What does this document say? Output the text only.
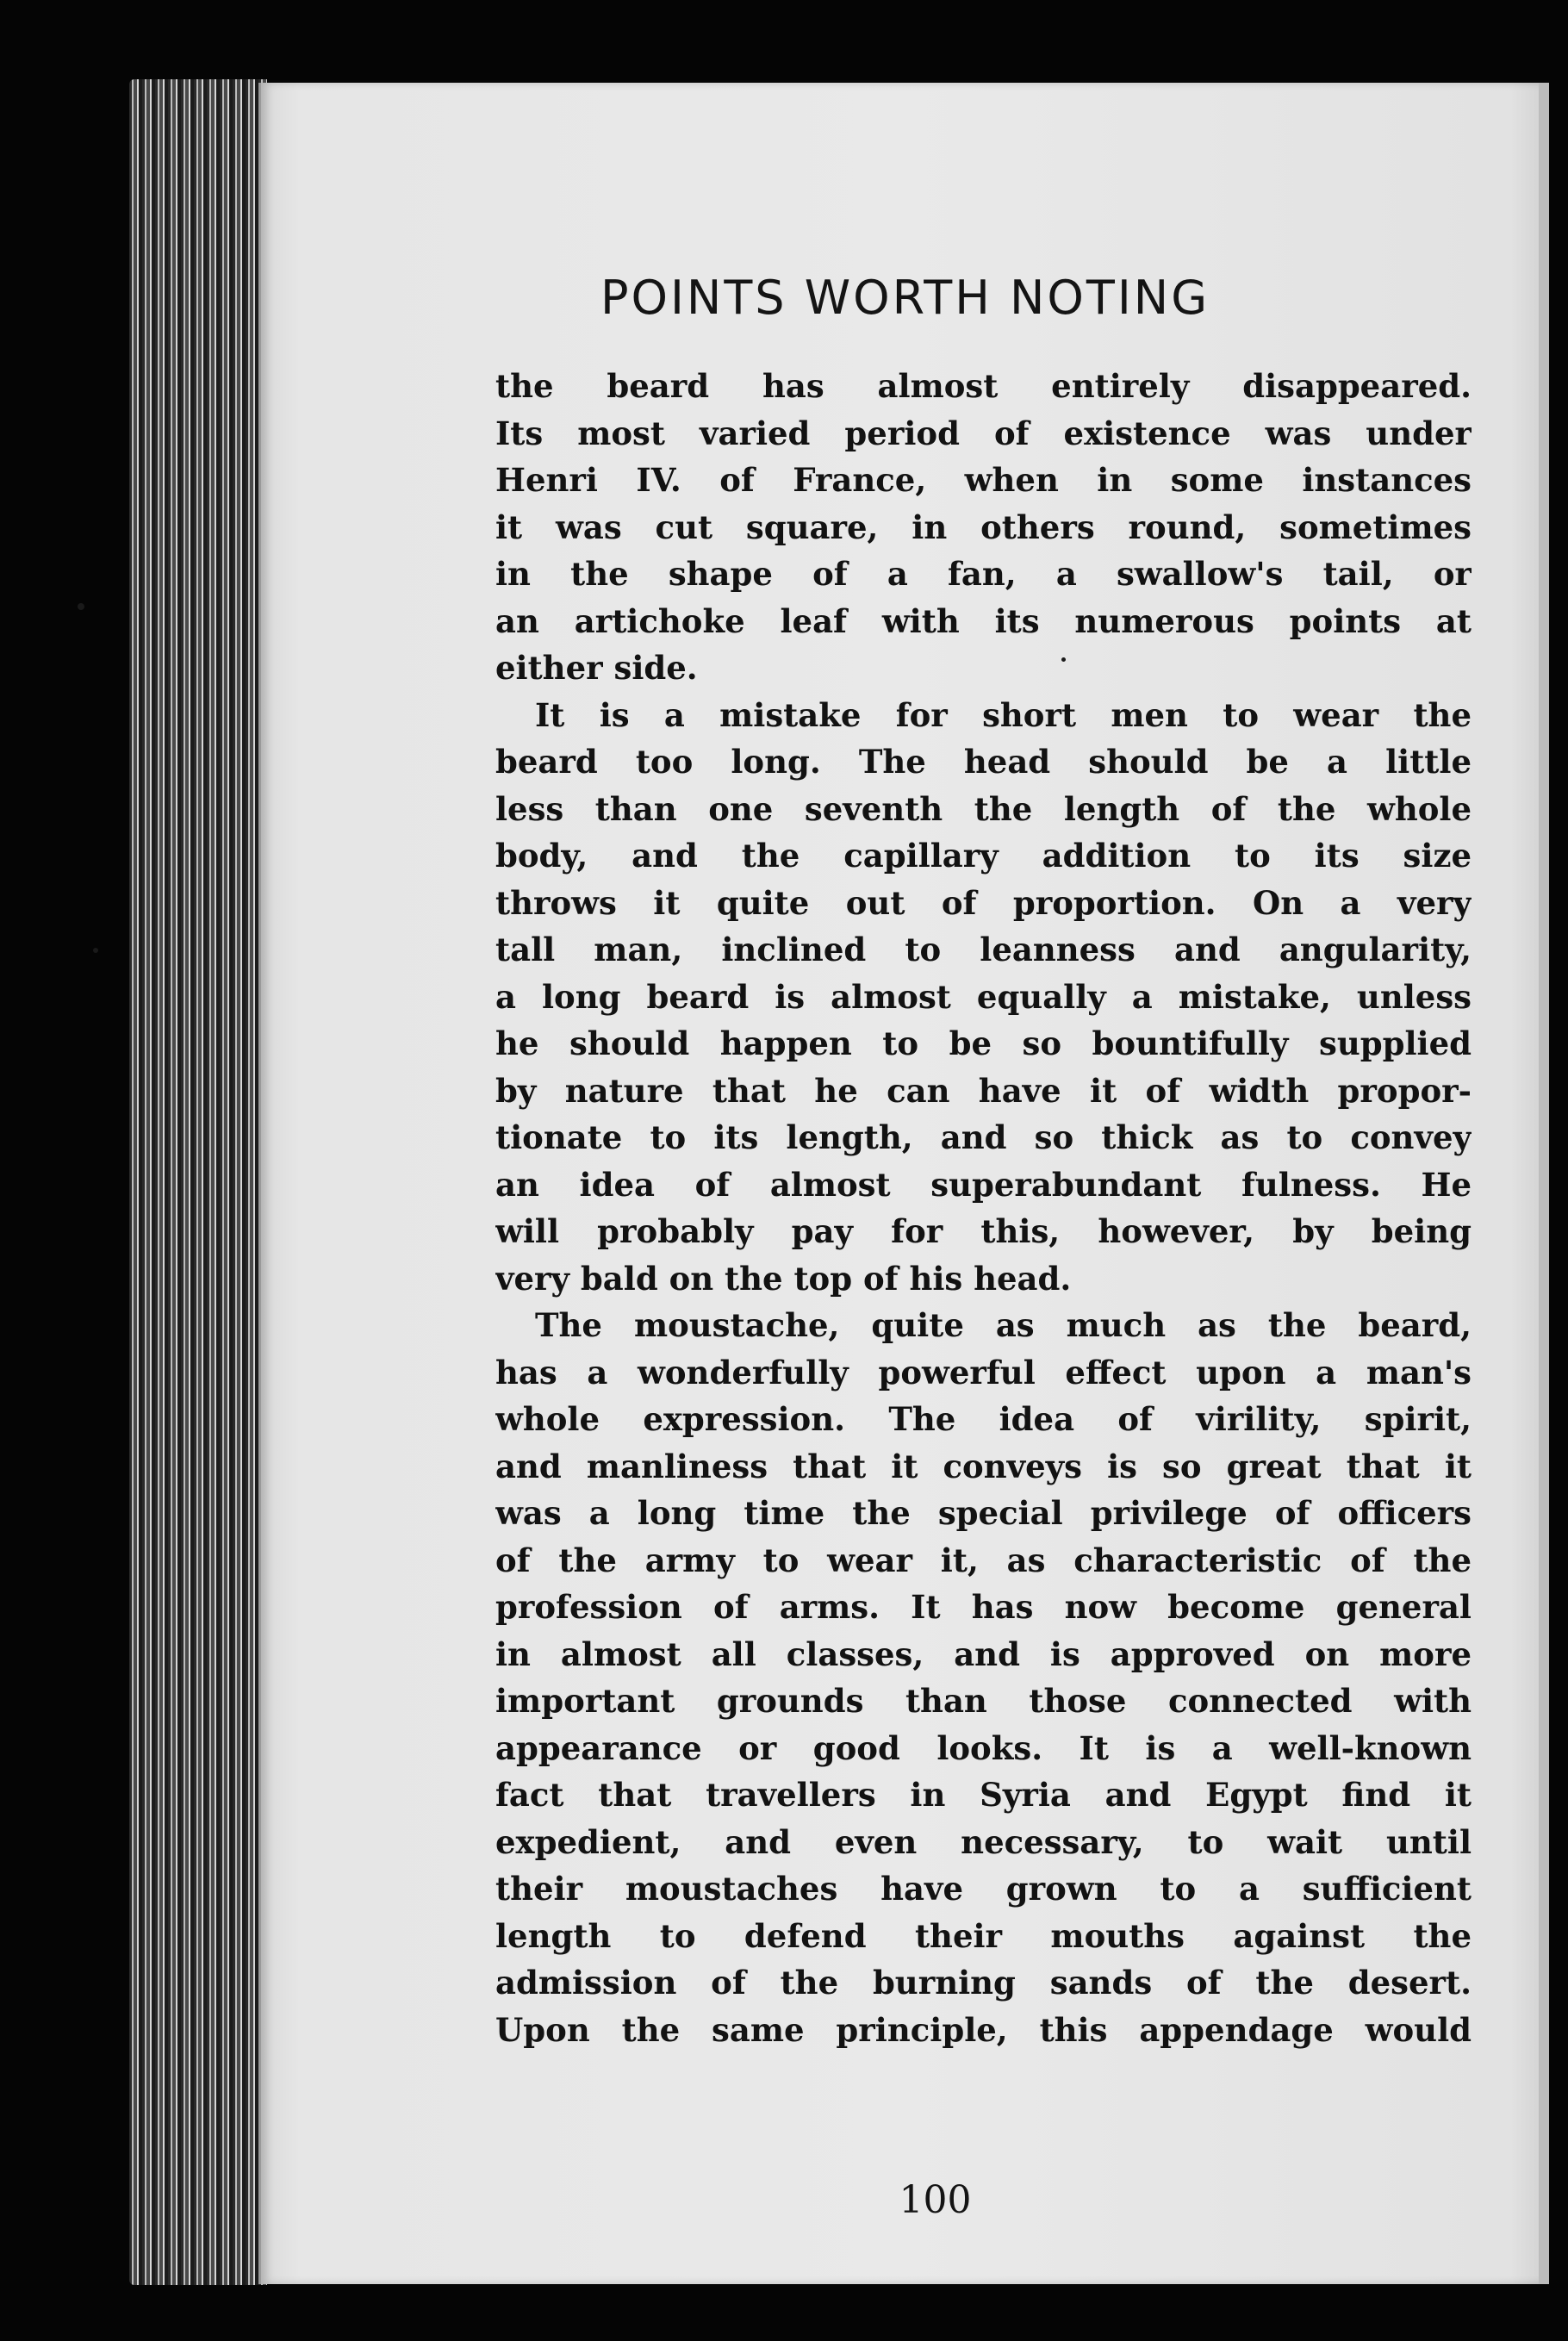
POINTS WORTH NOTING
the beard has almost entirely disappeared.
Its most varied period of existence was under
Henri IV. of France, when in some instances
it was cut square, in others round, sometimes
in the shape of a fan, a swallow's tail, or
an artichoke leaf with its numerous points at
either side.
It is a mistake for short men to wear the
beard too long. The head should be a little
less than one seventh the length of the whole
body, and the capillary addition to its size
throws it quite out of proportion. On a very
tall man, inclined to leanness and angularity,
a long beard is almost equally a mistake, unless
he should happen to be so bountifully supplied
by nature that he can have it of width propor-
tionate to its length, and so thick as to convey
an idea of almost superabundant fulness. He
will probably pay for this, however, by being
very bald on the top of his head.
The moustache, quite as much as the beard,
has a wonderfully powerful effect upon a man's
whole expression. The idea of virility, spirit,
and manliness that it conveys is so great that it
was a long time the special privilege of officers
of the army to wear it, as characteristic of the
profession of arms. It has now become general
in almost all classes, and is approved on more
important grounds than those connected with
appearance or good looks. It is a well-known
fact that travellers in Syria and Egypt find it
expedient, and even necessary, to wait until
their moustaches have grown to a sufficient
length to defend their mouths against the
admission of the burning sands of the desert.
Upon the same principle, this appendage would
100
